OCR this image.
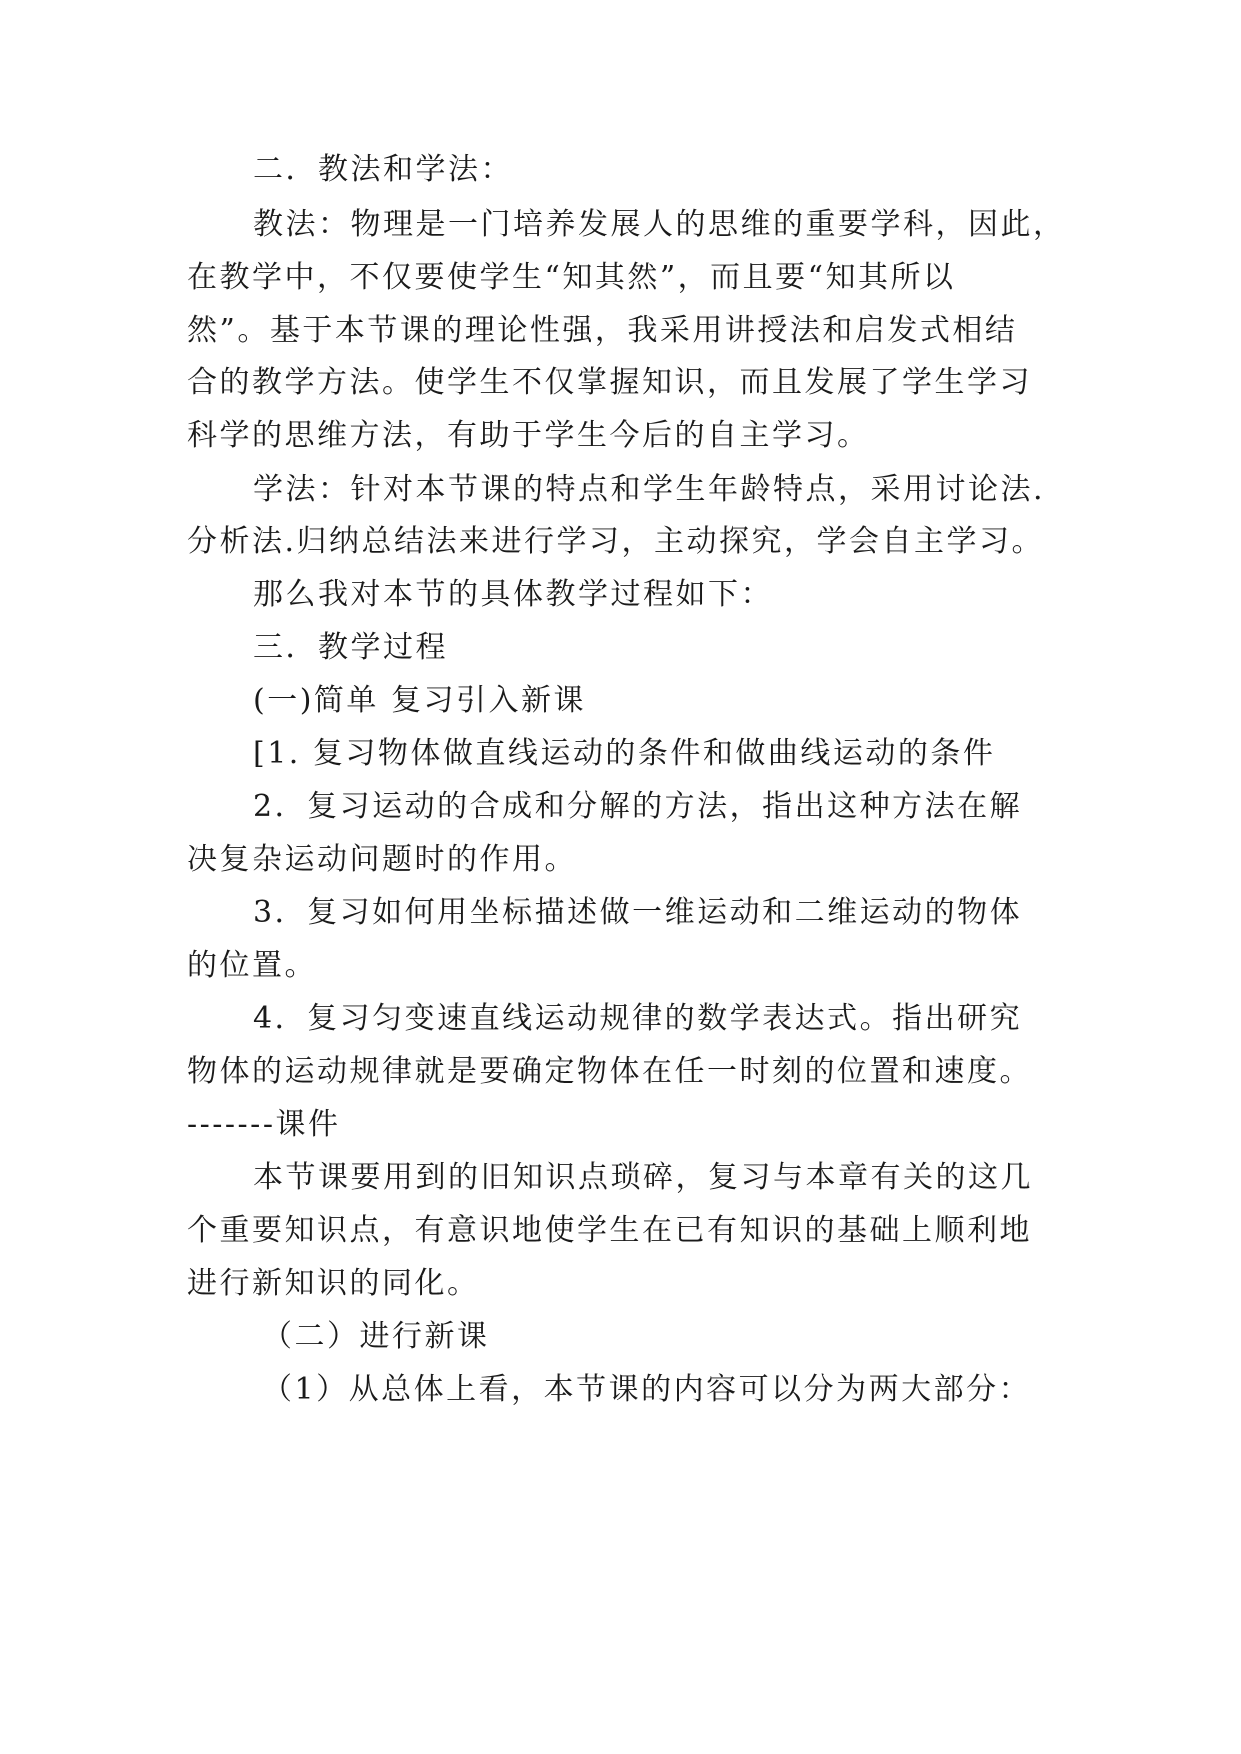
二．教法和学法：
教法：物理是一门培养发展人的思维的重要学科，因此，
在教学中，不仅要使学生“知其然”，而且要“知其所以
然”。基于本节课的理论性强，我采用讲授法和启发式相结
合的教学方法。使学生不仅掌握知识，而且发展了学生学习
科学的思维方法，有助于学生今后的自主学习。
学法：针对本节课的特点和学生年龄特点，采用讨论法.
分析法.归纳总结法来进行学习，主动探究，学会自主学习。
那么我对本节的具体教学过程如下：
三．教学过程
(一)简单 复习引入新课
[1. 复习物体做直线运动的条件和做曲线运动的条件
2．复习运动的合成和分解的方法，指出这种方法在解
决复杂运动问题时的作用。
3．复习如何用坐标描述做一维运动和二维运动的物体
的位置。
4．复习匀变速直线运动规律的数学表达式。指出研究
物体的运动规律就是要确定物体在任一时刻的位置和速度。
-------课件
本节课要用到的旧知识点琐碎，复习与本章有关的这几
个重要知识点，有意识地使学生在已有知识的基础上顺利地
进行新知识的同化。
（二）进行新课
（1）从总体上看，本节课的内容可以分为两大部分：
